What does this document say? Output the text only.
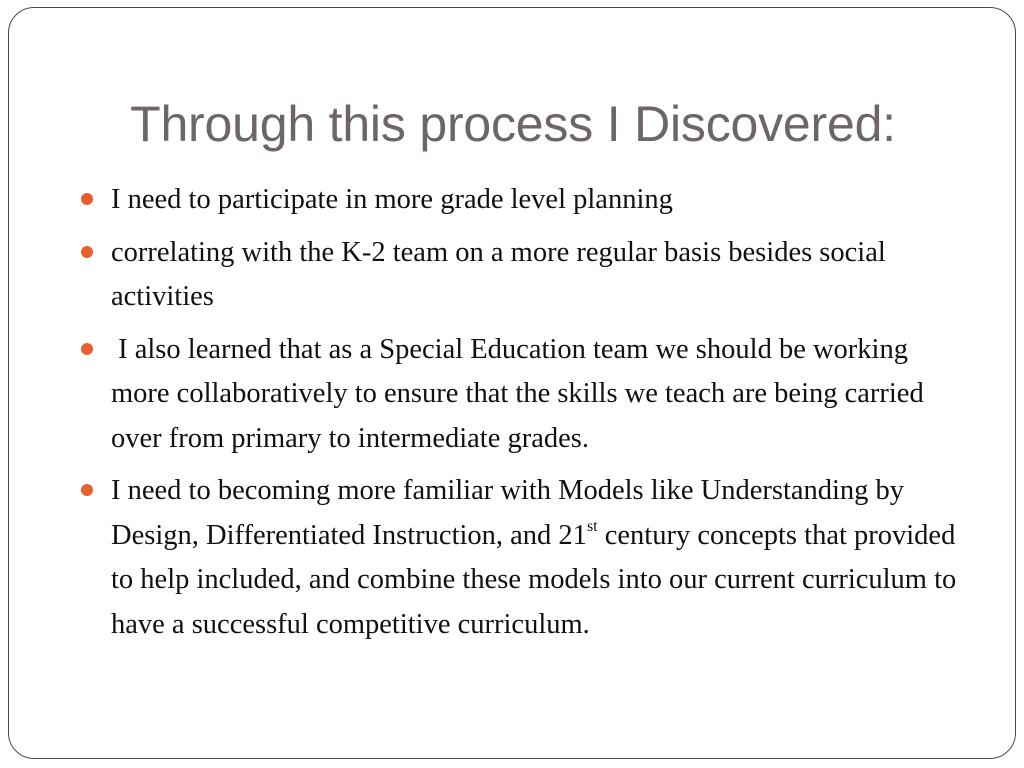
Through this process I Discovered:
I need to participate in more grade level planning
correlating with the K-2 team on a more regular basis besides social activities
I also learned that as a Special Education team we should be working more collaboratively to ensure that the skills we teach are being carried over from primary to intermediate grades.
I need to becoming more familiar with Models like Understanding by Design, Differentiated Instruction, and 21st century concepts that provided to help included, and combine these models into our current curriculum to have a successful competitive curriculum.
